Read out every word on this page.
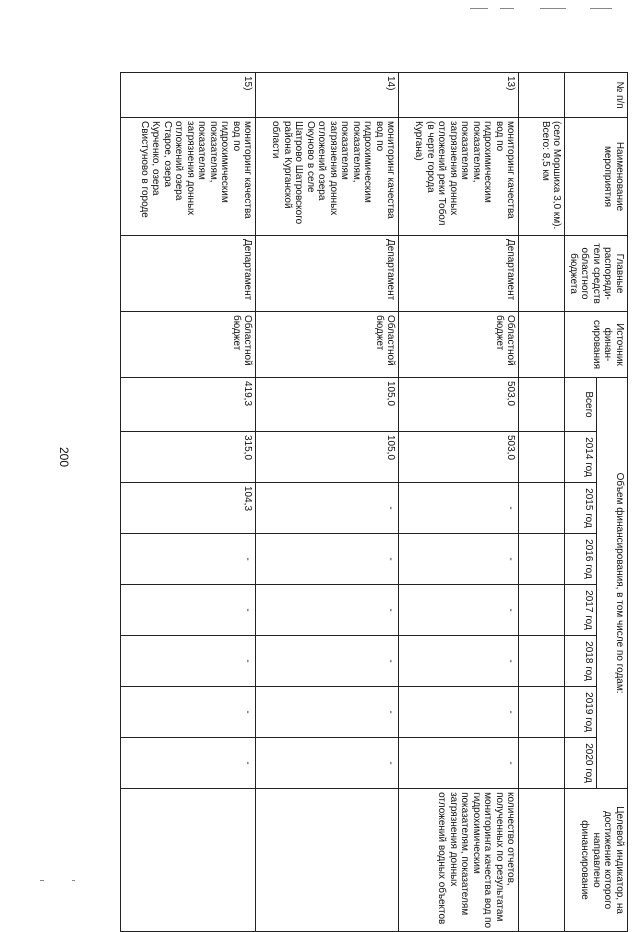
200
№ п/п	Наименование мероприятия	Главные распоряди-тели средств областного бюджета	Источник финан-сирования	Объем финансирования, в том числе по годам:								Целевой индикатор, на достижение которого направлено финансирование
				Всего	2014 год	2015 год	2016 год	2017 год	2018 год	2019 год	2020 год	
	(село Моршиха 3,0 км).
Всего: 8,5 км											
13)	мониторинг качества вод по гидрохимическим показателям, показателям загрязнения донных отложений реки Тобол (в черте города Кургана)	Департамент	Областной бюджет	503,0	503,0	-	-	-	-	-	-	количество отчетов, полученных по результатам мониторинга качества вод по гидрохимическим показателям, показателям загрязнения донных отложений водных объектов
14)	мониторинг качества вод по гидрохимическим показателям, показателям загрязнения донных отложений озера Окуново в селе Шатрово Шатровского района Курганской области	Департамент	Областной бюджет	105,0	105,0	-	-	-	-	-	-	
15)	мониторинг качества вод по гидрохимическим показателям, показателям загрязнения донных отложений озера Старое, озера Курченко, озера Свистуново в городе	Департамент	Областной бюджет	419,3	315,0	104,3	-	-	-	-	-	
